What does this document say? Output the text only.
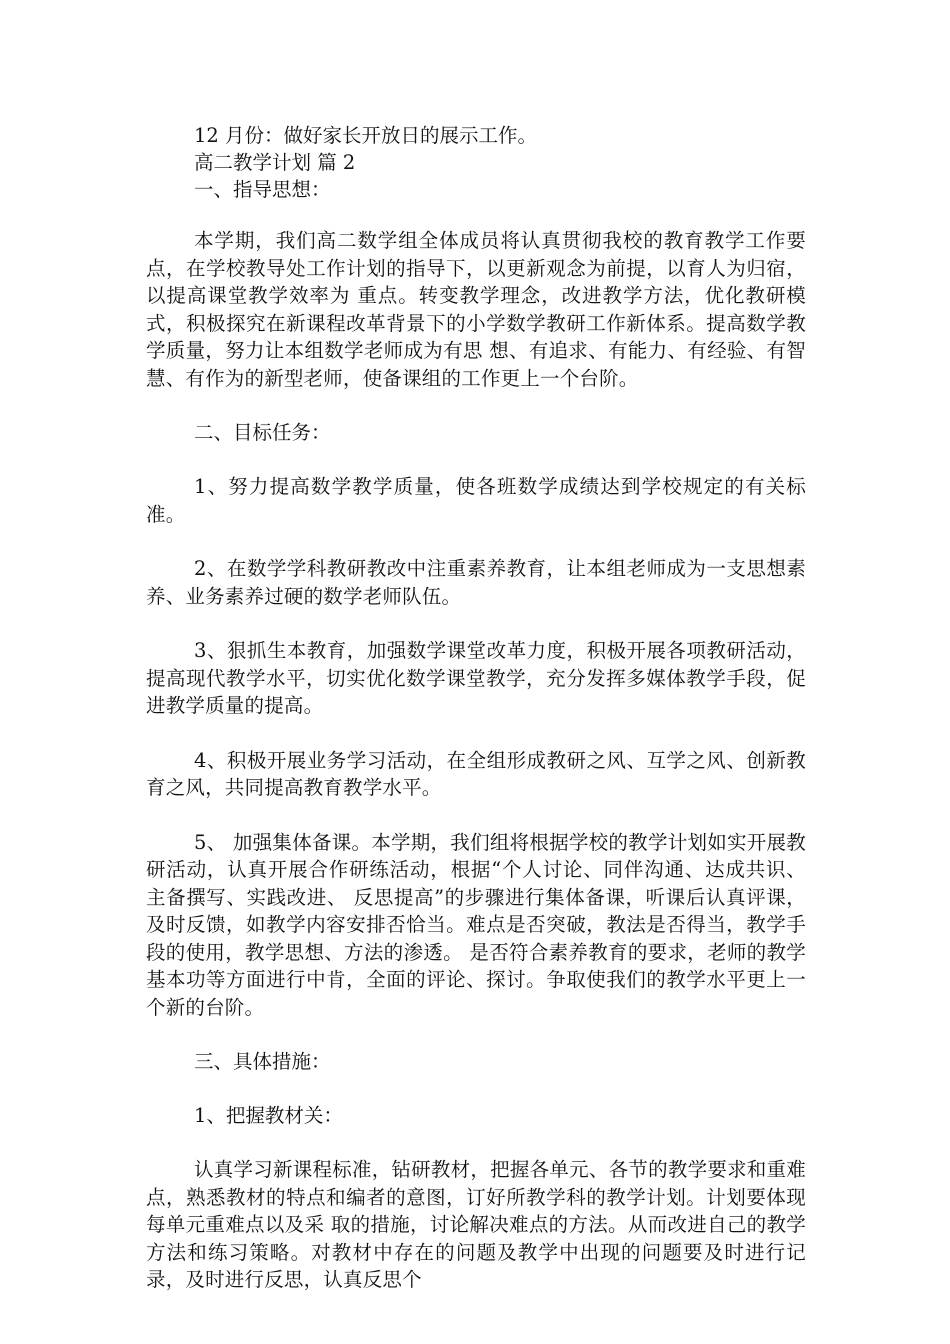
12 月份：做好家长开放日的展示工作。

高二教学计划 篇 2

一、指导思想：

本学期，我们高二数学组全体成员将认真贯彻我校的教育教学工作要点，在学校教导处工作计划的指导下，以更新观念为前提，以育人为归宿，以提高课堂教学效率为 重点。转变教学理念，改进教学方法，优化教研模式，积极探究在新课程改革背景下的小学数学教研工作新体系。提高数学教学质量，努力让本组数学老师成为有思 想、有追求、有能力、有经验、有智慧、有作为的新型老师，使备课组的工作更上一个台阶。

二、目标任务：

1、努力提高数学教学质量，使各班数学成绩达到学校规定的有关标准。

2、在数学学科教研教改中注重素养教育，让本组老师成为一支思想素养、业务素养过硬的数学老师队伍。

3、狠抓生本教育，加强数学课堂改革力度，积极开展各项教研活动，提高现代教学水平，切实优化数学课堂教学，充分发挥多媒体教学手段，促进教学质量的提高。

4、积极开展业务学习活动，在全组形成教研之风、互学之风、创新教育之风，共同提高教育教学水平。

5、 加强集体备课。本学期，我们组将根据学校的教学计划如实开展教研活动，认真开展合作研练活动，根据“个人讨论、同伴沟通、达成共识、主备撰写、实践改进、 反思提高”的步骤进行集体备课，听课后认真评课，及时反馈，如教学内容安排否恰当。难点是否突破，教法是否得当，教学手段的使用，教学思想、方法的渗透。 是否符合素养教育的要求，老师的教学基本功等方面进行中肯，全面的评论、探讨。争取使我们的教学水平更上一个新的台阶。

三、具体措施：

1、把握教材关：

认真学习新课程标准，钻研教材，把握各单元、各节的教学要求和重难点，熟悉教材的特点和编者的意图，订好所教学科的教学计划。计划要体现每单元重难点以及采 取的措施，讨论解决难点的方法。从而改进自己的教学方法和练习策略。对教材中存在的问题及教学中出现的问题要及时进行记录，及时进行反思，认真反思个
